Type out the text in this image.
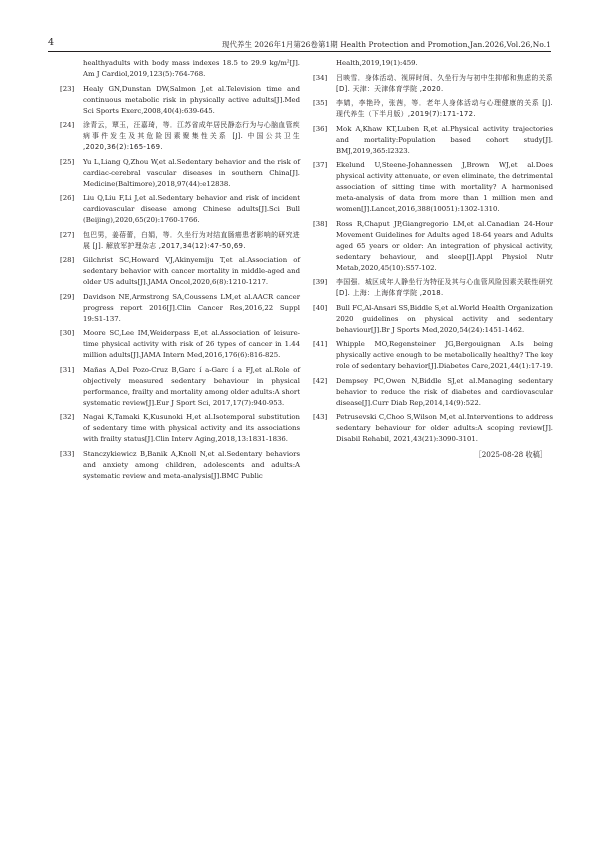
4	现代养生 2026年1月第26卷第1期 Health Protection and Promotion,Jan.2026,Vol.26,No.1
healthyadults with body mass indexes 18.5 to 29.9 kg/m²[J]. Am J Cardiol,2019,123(5):764-768.
[23] Healy GN,Dunstan DW,Salmon J,et al.Television time and continuous metabolic risk in physically active adults[J].Med Sci Sports Exerc,2008,40(4):639-645.
[24] 涂青云，覃玉，汪嘉琦，等．江苏省成年居民静态行为与心脑血管疾病事件发生及其危险因素聚集性关系 [J]. 中国公共卫生 ,2020,36(2):165-169.
[25] Yu L,Liang Q,Zhou W,et al.Sedentary behavior and the risk of cardiac-cerebral vascular diseases in southern China[J]. Medicine(Baltimore),2018,97(44):e12838.
[26] Liu Q,Liu F,Li J,et al.Sedentary behavior and risk of incident cardiovascular disease among Chinese adults[J].Sci Bull (Beijing),2020,65(20):1760-1766.
[27] 包巴男，姜蓓蕾，白娟，等．久坐行为对结直肠癌患者影响的研究进展 [J]. 解放军护理杂志 ,2017,34(12):47-50,69.
[28] Gilchrist SC,Howard VJ,Akinyemiju T,et al.Association of sedentary behavior with cancer mortality in middle-aged and older US adults[J].JAMA Oncol,2020,6(8):1210-1217.
[29] Davidson NE,Armstrong SA,Coussens LM,et al.AACR cancer progress report 2016[J].Clin Cancer Res,2016,22 Suppl 19:S1-137.
[30] Moore SC,Lee IM,Weiderpass E,et al.Association of leisure-time physical activity with risk of 26 types of cancer in 1.44 million adults[J].JAMA Intern Med,2016,176(6):816-825.
[31] Mañas A,Del Pozo-Cruz B,Garc í a-Garc í a FJ,et al.Role of objectively measured sedentary behaviour in physical performance, frailty and mortality among older adults:A short systematic review[J].Eur J Sport Sci, 2017,17(7):940-953.
[32] Nagai K,Tamaki K,Kusunoki H,et al.Isotemporal substitution of sedentary time with physical activity and its associations with frailty status[J].Clin Interv Aging,2018,13:1831-1836.
[33] Stanczykiewicz B,Banik A,Knoll N,et al.Sedentary behaviors and anxiety among children, adolescents and adults:A systematic review and meta-analysis[J].BMC Public
Health,2019,19(1):459.
[34] 吕映雪．身体活动、视屏时间、久坐行为与初中生抑郁和焦虑的关系 [D]. 天津：天津体育学院 ,2020.
[35] 李婧，李艳玲，张茜，等．老年人身体活动与心理健康的关系 [J]. 现代养生（下半月版）,2019(7):171-172.
[36] Mok A,Khaw KT,Luben R,et al.Physical activity trajectories and mortality:Population based cohort study[J]. BMJ,2019,365:l2323.
[37] Ekelund U,Steene-Johannessen J,Brown WJ,et al.Does physical activity attenuate, or even eliminate, the detrimental association of sitting time with mortality? A harmonised meta-analysis of data from more than 1 million men and women[J].Lancet,2016,388(10051):1302-1310.
[38] Ross R,Chaput JP,Giangregorio LM,et al.Canadian 24-Hour Movement Guidelines for Adults aged 18-64 years and Adults aged 65 years or older: An integration of physical activity, sedentary behaviour, and sleep[J].Appl Physiol Nutr Metab,2020,45(10):S57-102.
[39] 李国强．城区成年人静坐行为特征及其与心血管风险因素关联性研究 [D]. 上海：上海体育学院 ,2018.
[40] Bull FC,Al-Ansari SS,Biddle S,et al.World Health Organization 2020 guidelines on physical activity and sedentary behaviour[J].Br J Sports Med,2020,54(24):1451-1462.
[41] Whipple MO,Regensteiner JG,Bergouignan A.Is being physically active enough to be metabolically healthy? The key role of sedentary behavior[J].Diabetes Care,2021,44(1):17-19.
[42] Dempsey PC,Owen N,Biddle SJ,et al.Managing sedentary behavior to reduce the risk of diabetes and cardiovascular disease[J].Curr Diab Rep,2014,14(9):522.
[43] Petrusevski C,Choo S,Wilson M,et al.Interventions to address sedentary behaviour for older adults:A scoping review[J]. Disabil Rehabil, 2021,43(21):3090-3101.
［2025-08-28 收稿］
